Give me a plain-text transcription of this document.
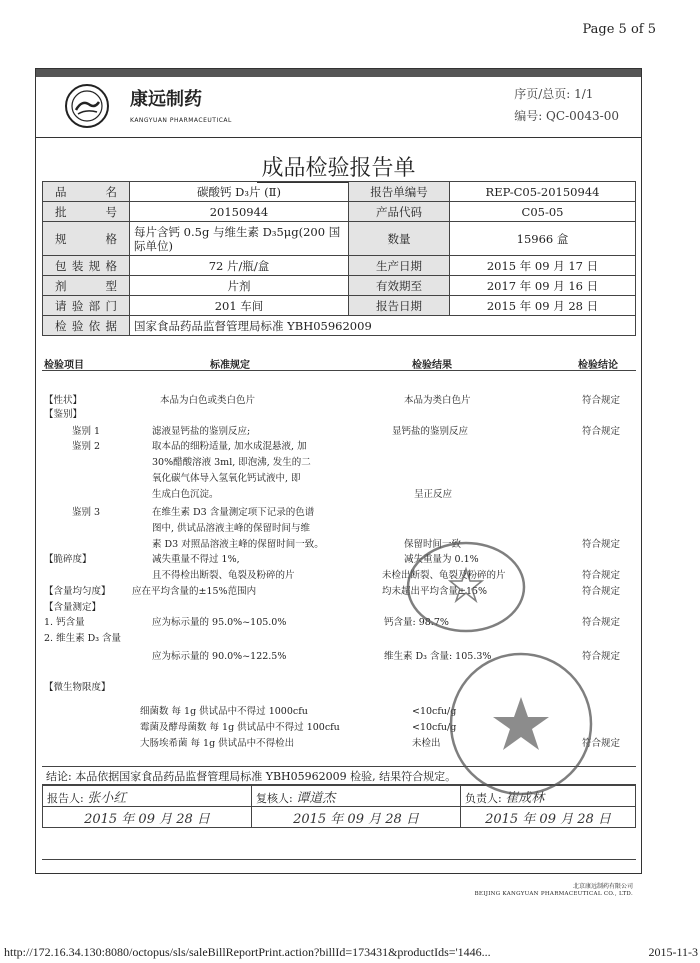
Page 5 of 5
康远制药
KANGYUAN PHARMACEUTICAL
序页/总页: 1/1
编号: QC-0043-00
成品检验报告单
品名	碳酸钙 D₃片 (Ⅱ)	报告单编号	REP-C05-20150944
批号	20150944	产品代码	C05-05
规格	每片含钙 0.5g 与维生素 D₃5μg(200 国际单位)	数量	15966 盒
包装规格	72 片/瓶/盒	生产日期	2015 年 09 月 17 日
剂型	片剂	有效期至	2017 年 09 月 16 日
请验部门	201 车间	报告日期	2015 年 09 月 28 日
检验依据	国家食品药品监督管理局标准 YBH05962009		
检验项目	标准规定	检验结果	检验结论
【性状】	本品为白色或类白色片	本品为类白色片	符合规定
【鉴别】
鉴别 1	滤液显钙盐的鉴别反应;	显钙盐的鉴别反应	符合规定
鉴别 2	取本品的细粉适量, 加水成混悬液, 加
30%醋酸溶液 3ml, 即泡沸, 发生的二
氧化碳气体导入氢氧化钙试液中, 即
生成白色沉淀。	呈正反应
鉴别 3	在维生素 D3 含量测定项下记录的色谱
图中, 供试品溶液主峰的保留时间与维
素 D3 对照品溶液主峰的保留时间一致。	保留时间一致	符合规定
【脆碎度】	减失重量不得过 1%,	减失重量为 0.1%
且不得检出断裂、龟裂及粉碎的片	未检出断裂、龟裂及粉碎的片	符合规定
【含量均匀度】 应在平均含量的±15%范围内	均未超出平均含量±15%	符合规定
【含量测定】
1. 钙含量	应为标示量的 95.0%~105.0%	钙含量: 98.7%	符合规定
2. 维生素 D₃ 含量
应为标示量的 90.0%~122.5%	维生素 D₃ 含量: 105.3%	符合规定
【微生物限度】
细菌数 每 1g 供试品中不得过 1000cfu	<10cfu/g
霉菌及酵母菌数 每 1g 供试品中不得过 100cfu	<10cfu/g
大肠埃希菌 每 1g 供试品中不得检出	未检出	符合规定
结论: 本品依据国家食品药品监督管理局标准 YBH05962009 检验, 结果符合规定。
报告人: 张小红	复核人: 谭道杰	负责人: 崔成林
2015 年 09 月 28 日	2015 年 09 月 28 日	2015 年 09 月 28 日
北京康远制药有限公司
BEIJING KANGYUAN PHARMACEUTICAL CO., LTD.
http://172.16.34.130:8080/octopus/sls/saleBillReportPrint.action?billId=173431&productIds='1446...	2015-11-3
